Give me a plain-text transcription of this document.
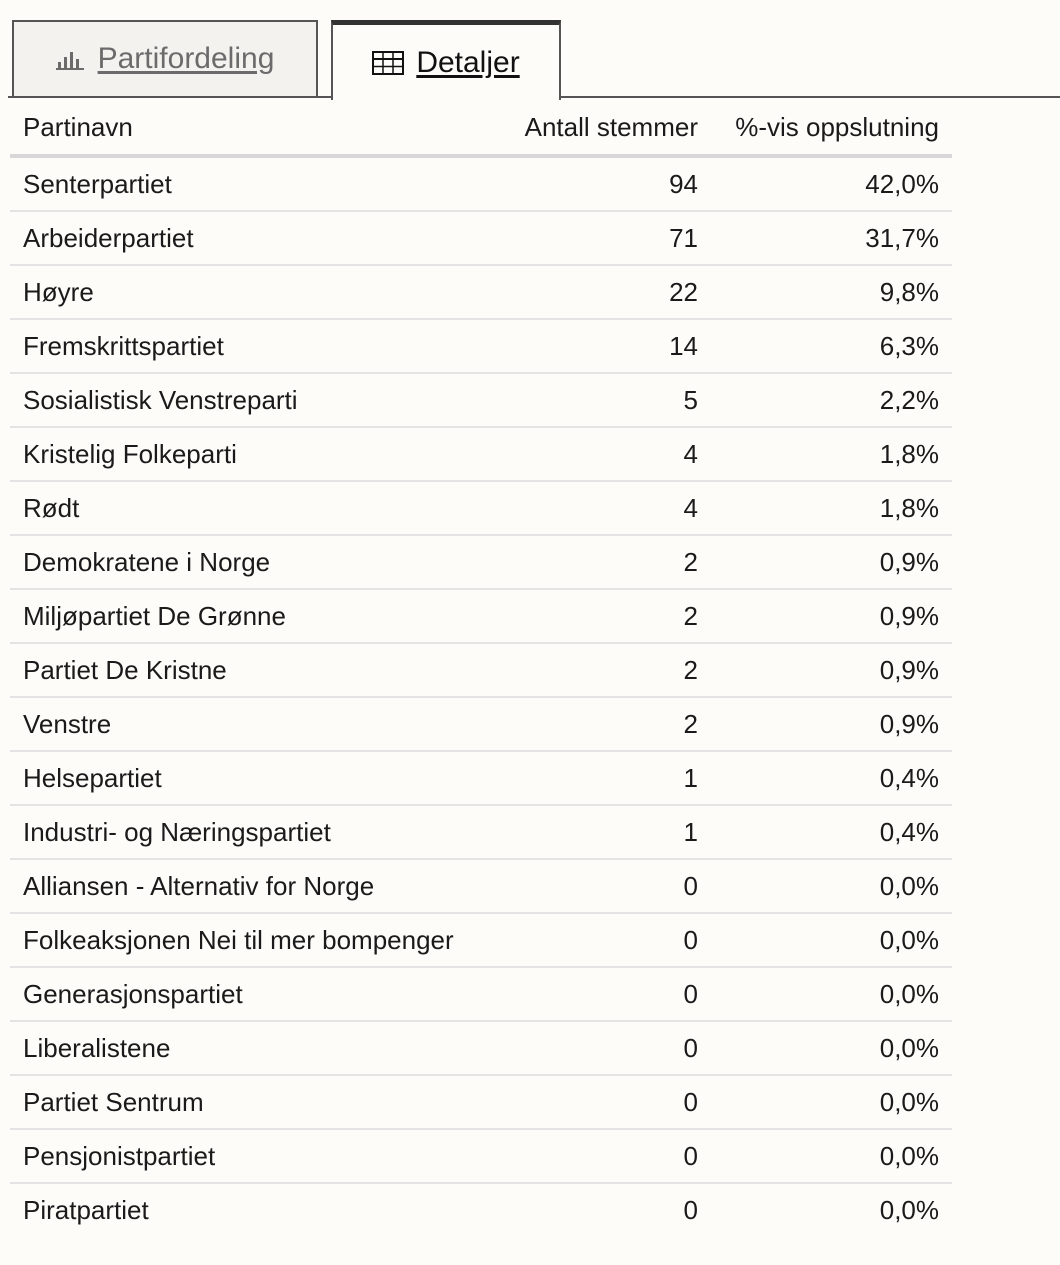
Partifordeling	Detaljer
Partinavn	Antall stemmer	%-vis oppslutning
Senterpartiet	94	42,0%
Arbeiderpartiet	71	31,7%
Høyre	22	9,8%
Fremskrittspartiet	14	6,3%
Sosialistisk Venstreparti	5	2,2%
Kristelig Folkeparti	4	1,8%
Rødt	4	1,8%
Demokratene i Norge	2	0,9%
Miljøpartiet De Grønne	2	0,9%
Partiet De Kristne	2	0,9%
Venstre	2	0,9%
Helsepartiet	1	0,4%
Industri- og Næringspartiet	1	0,4%
Alliansen - Alternativ for Norge	0	0,0%
Folkeaksjonen Nei til mer bompenger	0	0,0%
Generasjonspartiet	0	0,0%
Liberalistene	0	0,0%
Partiet Sentrum	0	0,0%
Pensjonistpartiet	0	0,0%
Piratpartiet	0	0,0%
